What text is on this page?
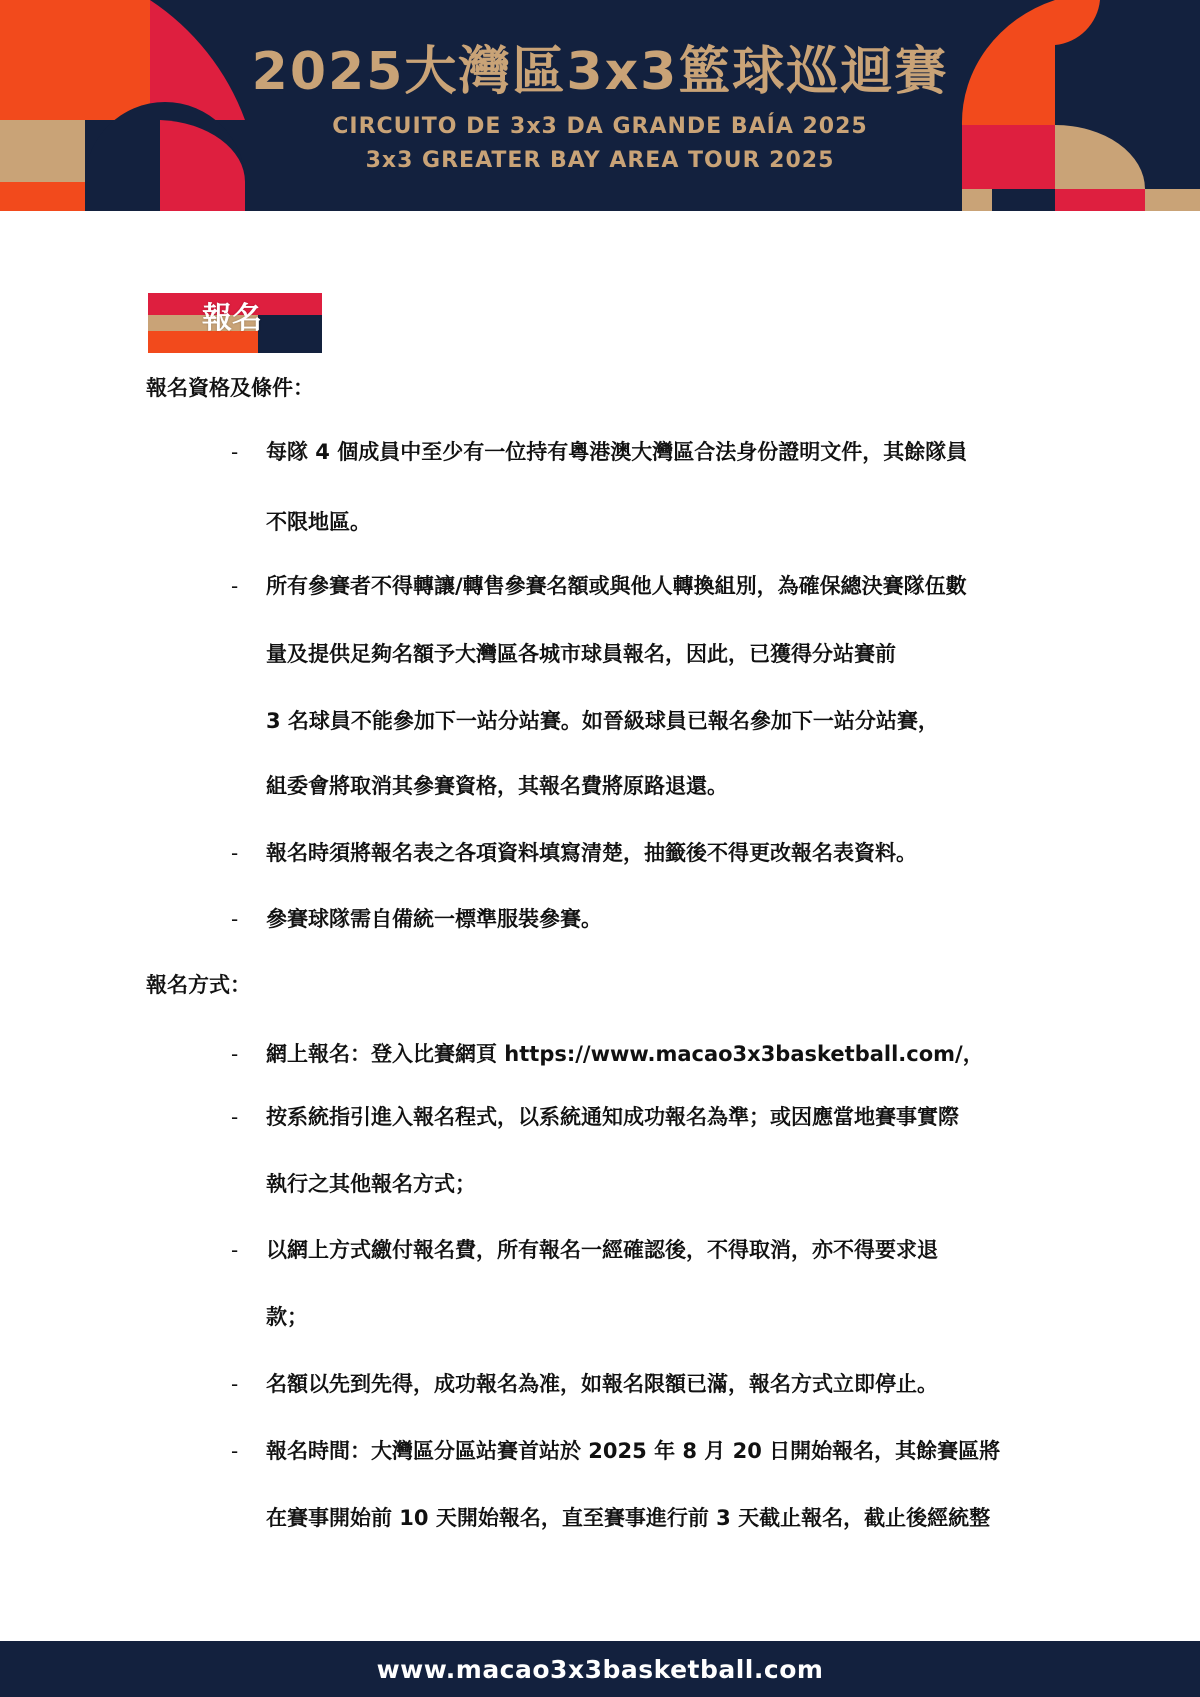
2025大灣區3x3籃球巡迴賽
CIRCUITO DE 3x3 DA GRANDE BAÍA 2025
3x3 GREATER BAY AREA TOUR 2025
報名
報名資格及條件：
報名方式：
- 每隊 4 個成員中至少有一位持有粵港澳大灣區合法身份證明文件，其餘隊員
不限地區。
- 所有參賽者不得轉讓/轉售參賽名額或與他人轉換組別，為確保總決賽隊伍數
量及提供足夠名額予大灣區各城市球員報名，因此，已獲得分站賽前
3 名球員不能參加下一站分站賽。如晉級球員已報名參加下一站分站賽，
組委會將取消其參賽資格，其報名費將原路退還。
- 報名時須將報名表之各項資料填寫清楚，抽籤後不得更改報名表資料。
- 參賽球隊需自備統一標準服裝參賽。
- 網上報名：登入比賽網頁 https://www.macao3x3basketball.com/，
- 按系統指引進入報名程式，以系統通知成功報名為準；或因應當地賽事實際
執行之其他報名方式；
- 以網上方式繳付報名費，所有報名一經確認後，不得取消，亦不得要求退
款；
- 名額以先到先得，成功報名為准，如報名限額已滿，報名方式立即停止。
- 報名時間：大灣區分區站賽首站於 2025 年 8 月 20 日開始報名，其餘賽區將
在賽事開始前 10 天開始報名，直至賽事進行前 3 天截止報名，截止後經統整
www.macao3x3basketball.com
